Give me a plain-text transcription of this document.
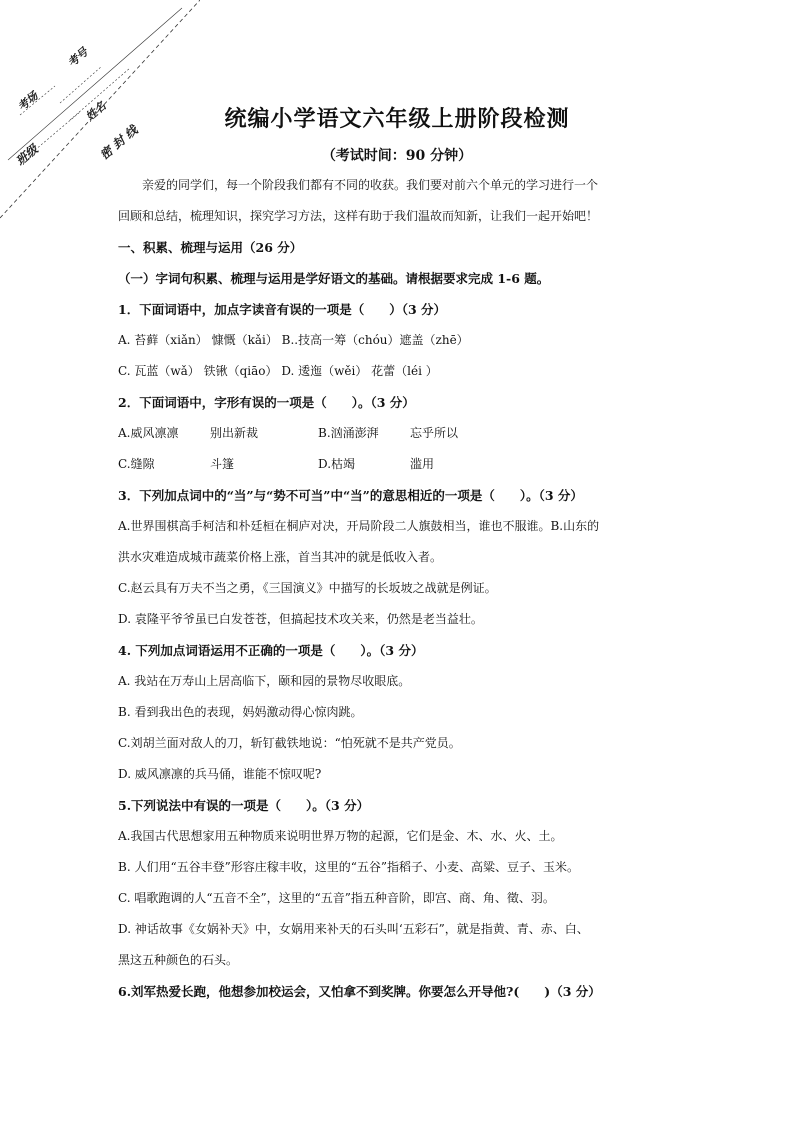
考场
考号
姓名
班级	密 封 线
统编小学语文六年级上册阶段检测
（考试时间：90 分钟）
亲爱的同学们，每一个阶段我们都有不同的收获。我们要对前六个单元的学习进行一个
回顾和总结，梳理知识，探究学习方法，这样有助于我们温故而知新，让我们一起开始吧！
一、积累、梳理与运用（26 分）
（一）字词句积累、梳理与运用是学好语文的基础。请根据要求完成 1-6 题。
1．下面词语中，加点字读音有误的一项是（　　）（3 分）
A. 苔藓（xiǎn） 慷慨（kǎi） B..技高一筹（chóu）遮盖（zhē）
C. 瓦蓝（wǎ） 铁锹（qiāo） D. 逶迤（wěi） 花蕾（léi ）
2．下面词语中，字形有误的一项是（　　）。（3 分）
A.威风凛凛	别出新裁	B.汹涌澎湃	忘乎所以
C.缝隙	斗篷	D.枯竭	滥用
3．下列加点词中的“当”与“势不可当”中“当”的意思相近的一项是（　　）。（3 分）
A.世界围棋高手柯洁和朴廷桓在桐庐对决，开局阶段二人旗鼓相当，谁也不服谁。B.山东的
洪水灾难造成城市蔬菜价格上涨，首当其冲的就是低收入者。
C.赵云具有万夫不当之勇，《三国演义》中描写的长坂坡之战就是例证。
D. 袁隆平爷爷虽已白发苍苍，但搞起技术攻关来，仍然是老当益壮。
4. 下列加点词语运用不正确的一项是（　　）。（3 分）
A. 我站在万寿山上居高临下，颐和园的景物尽收眼底。
B. 看到我出色的表现，妈妈激动得心惊肉跳。
C.刘胡兰面对敌人的刀，斩钉截铁地说：“怕死就不是共产党员。
D. 威风凛凛的兵马俑，谁能不惊叹呢?
5.下列说法中有误的一项是（　　）。（3 分）
A.我国古代思想家用五种物质来说明世界万物的起源，它们是金、木、水、火、土。
B. 人们用“五谷丰登”形容庄稼丰收，这里的“五谷”指稻子、小麦、高粱、豆子、玉米。
C. 唱歌跑调的人“五音不全”，这里的“五音”指五种音阶，即宫、商、角、徵、羽。
D. 神话故事《女娲补天》中，女娲用来补天的石头叫‘五彩石”，就是指黄、青、赤、白、
黑这五种颜色的石头。
6.刘军热爱长跑，他想参加校运会，又怕拿不到奖牌。你要怎么开导他?(　　)（3 分）
